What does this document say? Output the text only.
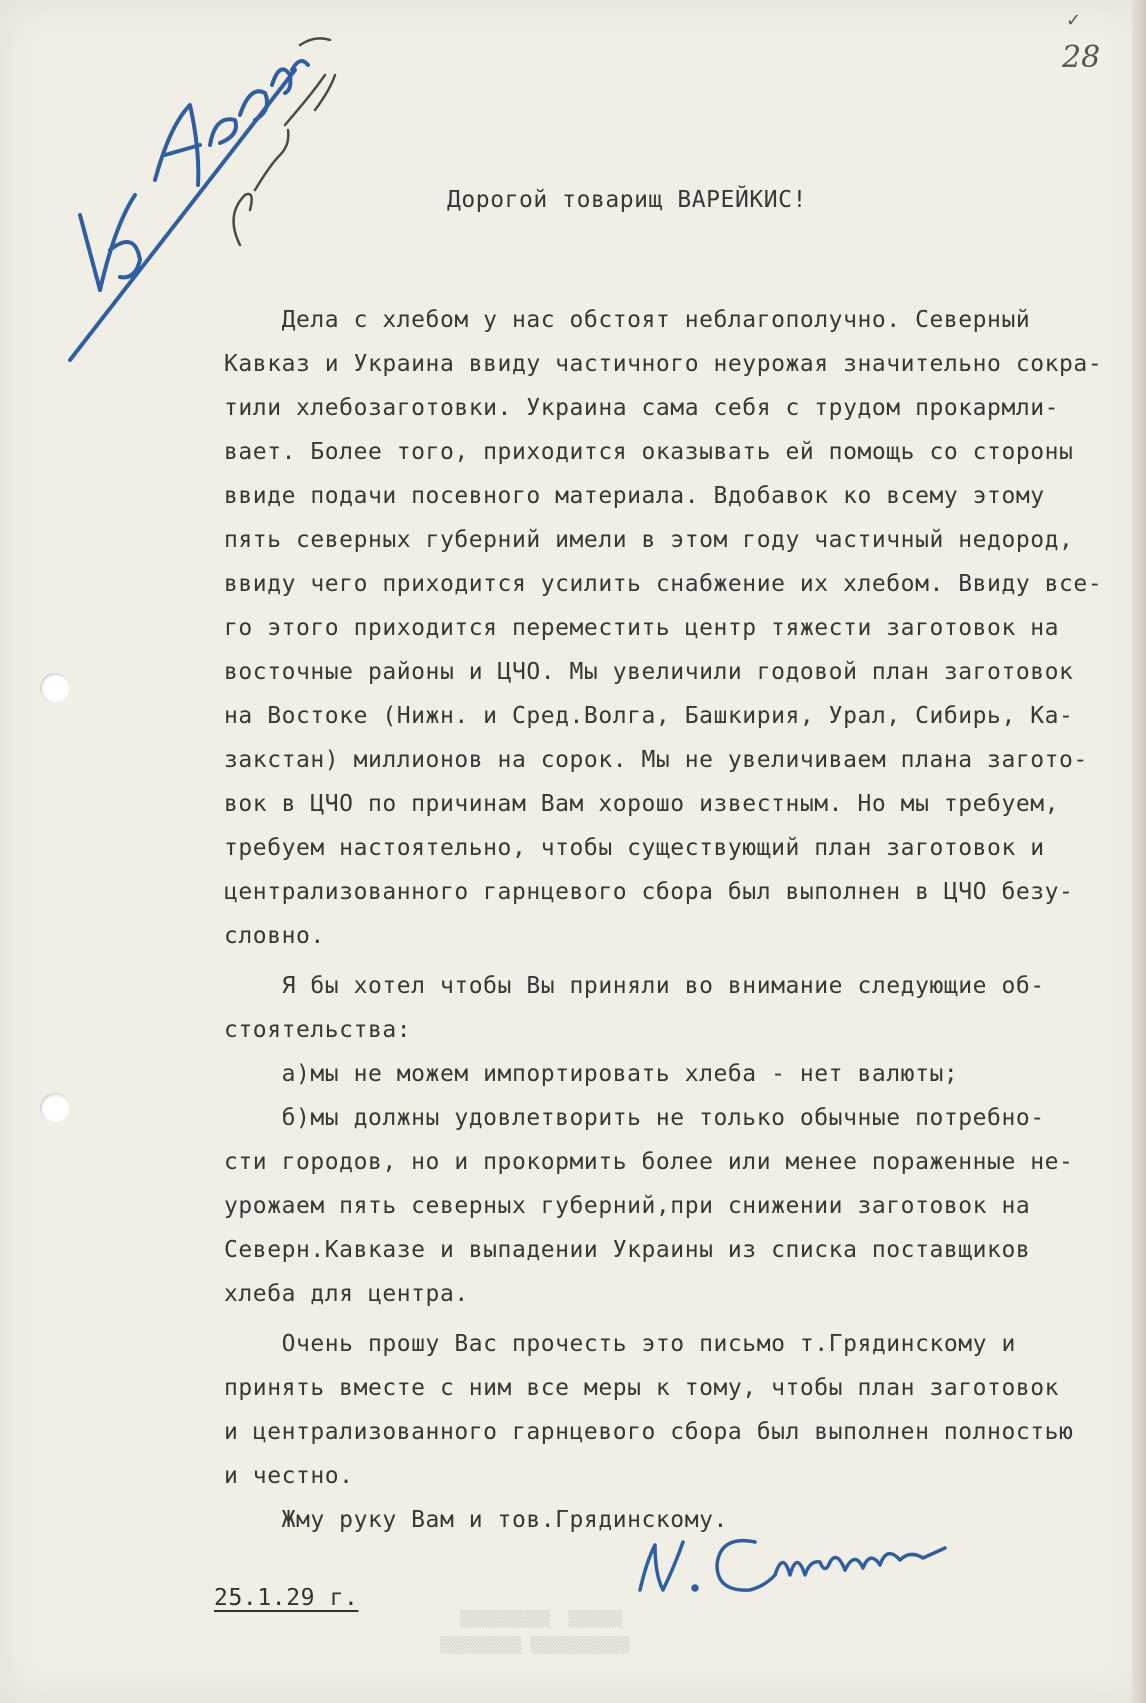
✓
28
Дорогой товарищ ВАРЕЙКИС!
Дела с хлебом у нас обстоят неблагополучно. Северный
Кавказ и Украина ввиду частичного неурожая значительно сокра-
тили хлебозаготовки. Украина сама себя с трудом прокармли-
вает. Более того, приходится оказывать ей помощь со стороны
ввиде подачи посевного материала. Вдобавок ко всему этому
пять северных губерний имели в этом году частичный недород,
ввиду чего приходится усилить снабжение их хлебом. Ввиду все-
го этого приходится переместить центр тяжести заготовок на
восточные районы и ЦЧО. Мы увеличили годовой план заготовок
на Востоке (Нижн. и Сред.Волга, Башкирия, Урал, Сибирь, Ка-
закстан) миллионов на сорок. Мы не увеличиваем плана загото-
вок в ЦЧО по причинам Вам хорошо известным. Но мы требуем,
требуем настоятельно, чтобы существующий план заготовок и
централизованного гарнцевого сбора был выполнен в ЦЧО безу-
словно.
Я бы хотел чтобы Вы приняли во внимание следующие об-
стоятельства:
а)мы не можем импортировать хлеба - нет валюты;
б)мы должны удовлетворить не только обычные потребно-
сти городов, но и прокормить более или менее пораженные не-
урожаем пять северных губерний,при снижении заготовок на
Северн.Кавказе и выпадении Украины из списка поставщиков
хлеба для центра.
Очень прошу Вас прочесть это письмо т.Грядинскому и
принять вместе с ним все меры к тому, чтобы план заготовок
и централизованного гарнцевого сбора был выполнен полностью
и честно.
Жму руку Вам и тов.Грядинскому.
25.1.29 г.
▒▒▒▒▒▒▒▒▒▒  ▒▒▒▒▒▒
▒▒▒▒▒▒▒▒▒ ▒▒▒▒▒▒▒▒▒▒▒
